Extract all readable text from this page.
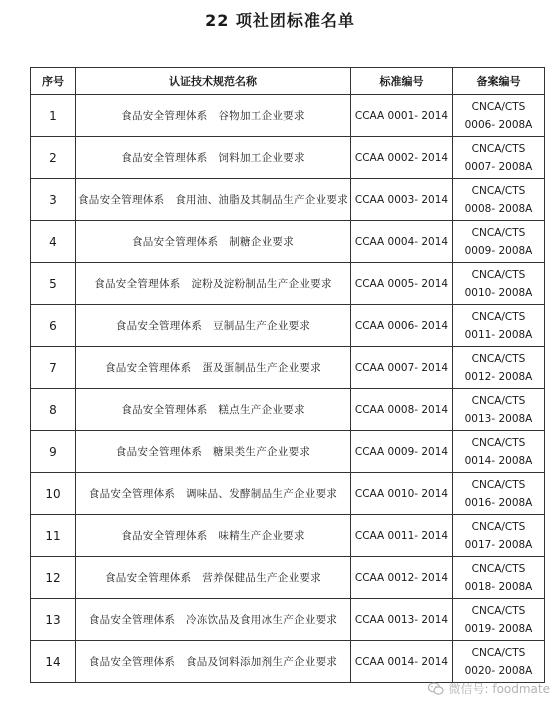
22 项社团标准名单
序号	认证技术规范名称	标准编号	备案编号
1	食品安全管理体系　谷物加工企业要求	CCAA 0001- 2014	CNCA/CTS
0006- 2008A

2	食品安全管理体系　饲料加工企业要求	CCAA 0002- 2014	CNCA/CTS
0007- 2008A

3	食品安全管理体系　食用油、油脂及其制品生产企业要求	CCAA 0003- 2014	CNCA/CTS
0008- 2008A

4	食品安全管理体系　制糖企业要求	CCAA 0004- 2014	CNCA/CTS
0009- 2008A

5	食品安全管理体系　淀粉及淀粉制品生产企业要求	CCAA 0005- 2014	CNCA/CTS
0010- 2008A

6	食品安全管理体系　豆制品生产企业要求	CCAA 0006- 2014	CNCA/CTS
0011- 2008A

7	食品安全管理体系　蛋及蛋制品生产企业要求	CCAA 0007- 2014	CNCA/CTS
0012- 2008A

8	食品安全管理体系　糕点生产企业要求	CCAA 0008- 2014	CNCA/CTS
0013- 2008A

9	食品安全管理体系　糖果类生产企业要求	CCAA 0009- 2014	CNCA/CTS
0014- 2008A

10	食品安全管理体系　调味品、发酵制品生产企业要求	CCAA 0010- 2014	CNCA/CTS
0016- 2008A

11	食品安全管理体系　味精生产企业要求	CCAA 0011- 2014	CNCA/CTS
0017- 2008A

12	食品安全管理体系　营养保健品生产企业要求	CCAA 0012- 2014	CNCA/CTS
0018- 2008A

13	食品安全管理体系　冷冻饮品及食用冰生产企业要求	CCAA 0013- 2014	CNCA/CTS
0019- 2008A

14	食品安全管理体系　食品及饲料添加剂生产企业要求	CCAA 0014- 2014	CNCA/CTS
0020- 2008A
微信号: foodmate
